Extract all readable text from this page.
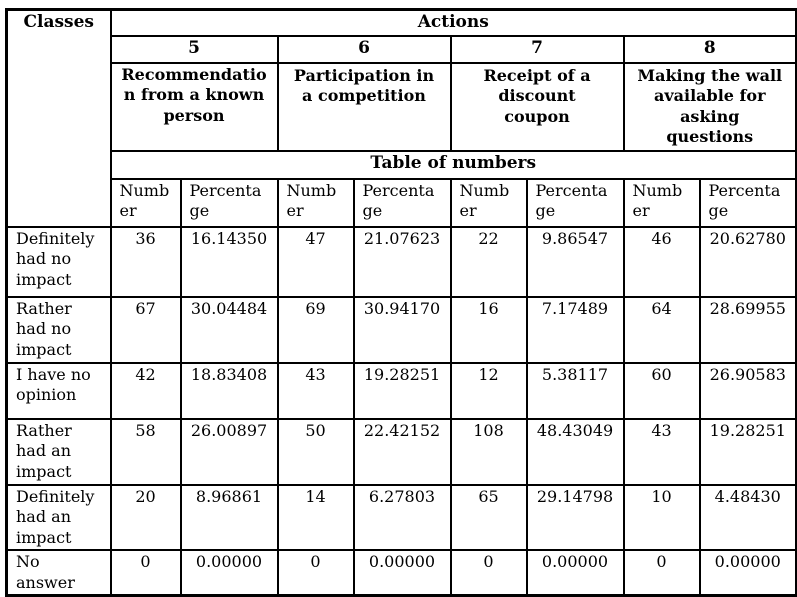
Classes	Actions							
	5		6		7		8	
	Recommendation from a known person		Participation in a competition		Receipt of a discount coupon		Making the wall available for asking questions	
	Table of numbers							
	Number	Percentage	Number	Percentage	Number	Percentage	Number	Percentage
Definitely had no impact	36	16.14350	47	21.07623	22	9.86547	46	20.62780
Rather had no impact	67	30.04484	69	30.94170	16	7.17489	64	28.69955
I have no opinion	42	18.83408	43	19.28251	12	5.38117	60	26.90583
Rather had an impact	58	26.00897	50	22.42152	108	48.43049	43	19.28251
Definitely had an impact	20	8.96861	14	6.27803	65	29.14798	10	4.48430
No answer	0	0.00000	0	0.00000	0	0.00000	0	0.00000
